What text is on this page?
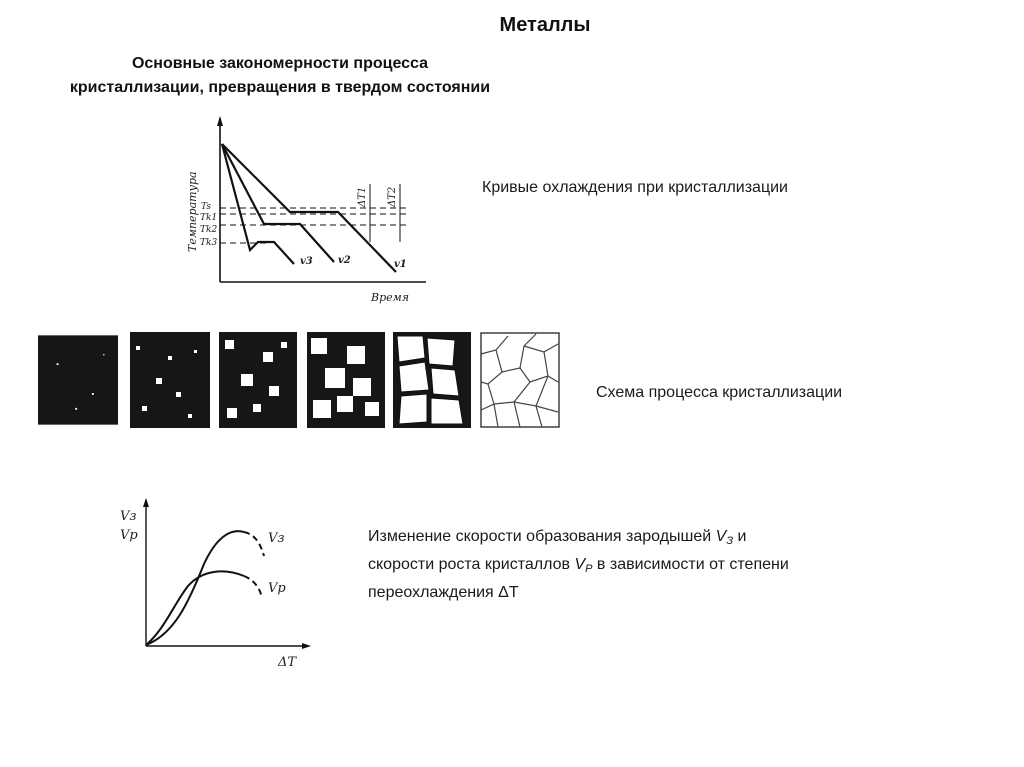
Металлы
Основные закономерности процесса
кристаллизации, превращения в твердом состоянии
Температура Ts
Tk1
Tk2
Tk3
ΔT1 ΔT2
v3	v2	v1
Время
Кривые охлаждения при кристаллизации
Схема процесса кристаллизации
Vз
Vp	Vз
Vp
ΔT
Изменение скорости образования зародышей $V_З$ и
скорости роста кристаллов $V_Р$ в зависимости от степени
переохлаждения ΔT
